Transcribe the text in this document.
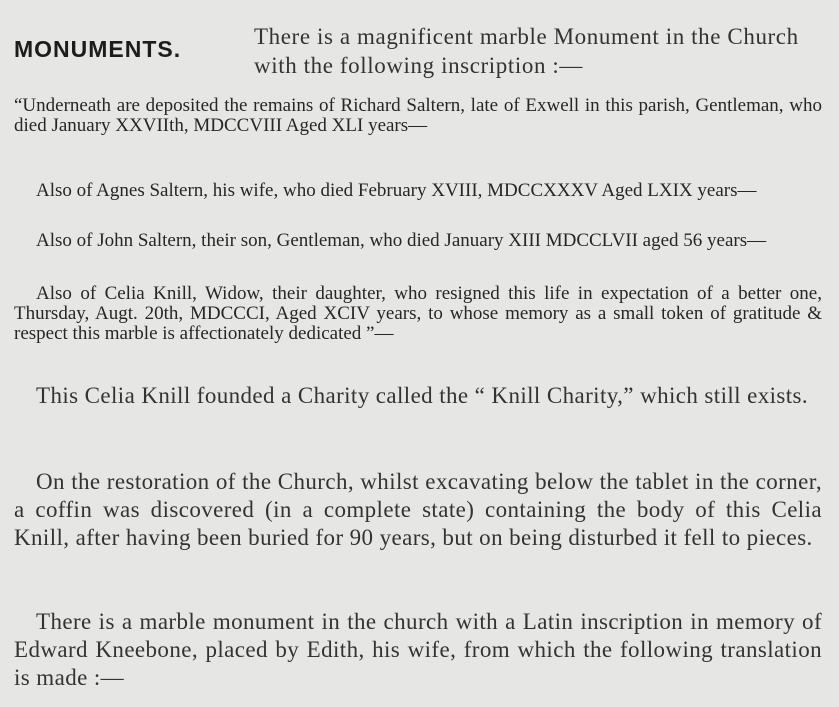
MONUMENTS.	There is a magnificent marble Monument in the Church with the following inscription :—
“Underneath are deposited the remains of Richard Saltern, late of Exwell in this parish, Gentleman, who died January XXVIIth, MDCCVIII Aged XLI years—
Also of Agnes Saltern, his wife, who died February XVIII, MDCCXXXV Aged LXIX years—
Also of John Saltern, their son, Gentleman, who died January XIII MDCCLVII aged 56 years—
Also of Celia Knill, Widow, their daughter, who resigned this life in expectation of a better one, Thursday, Augt. 20th, MDCCCI, Aged XCIV years, to whose memory as a small token of gratitude & respect this marble is affectionately dedicated ”—
This Celia Knill founded a Charity called the “ Knill Charity,” which still exists.
On the restoration of the Church, whilst excavating below the tablet in the corner, a coffin was discovered (in a complete state) containing the body of this Celia Knill, after having been buried for 90 years, but on being disturbed it fell to pieces.
There is a marble monument in the church with a Latin inscription in memory of Edward Kneebone, placed by Edith, his wife, from which the following translation is made :—
